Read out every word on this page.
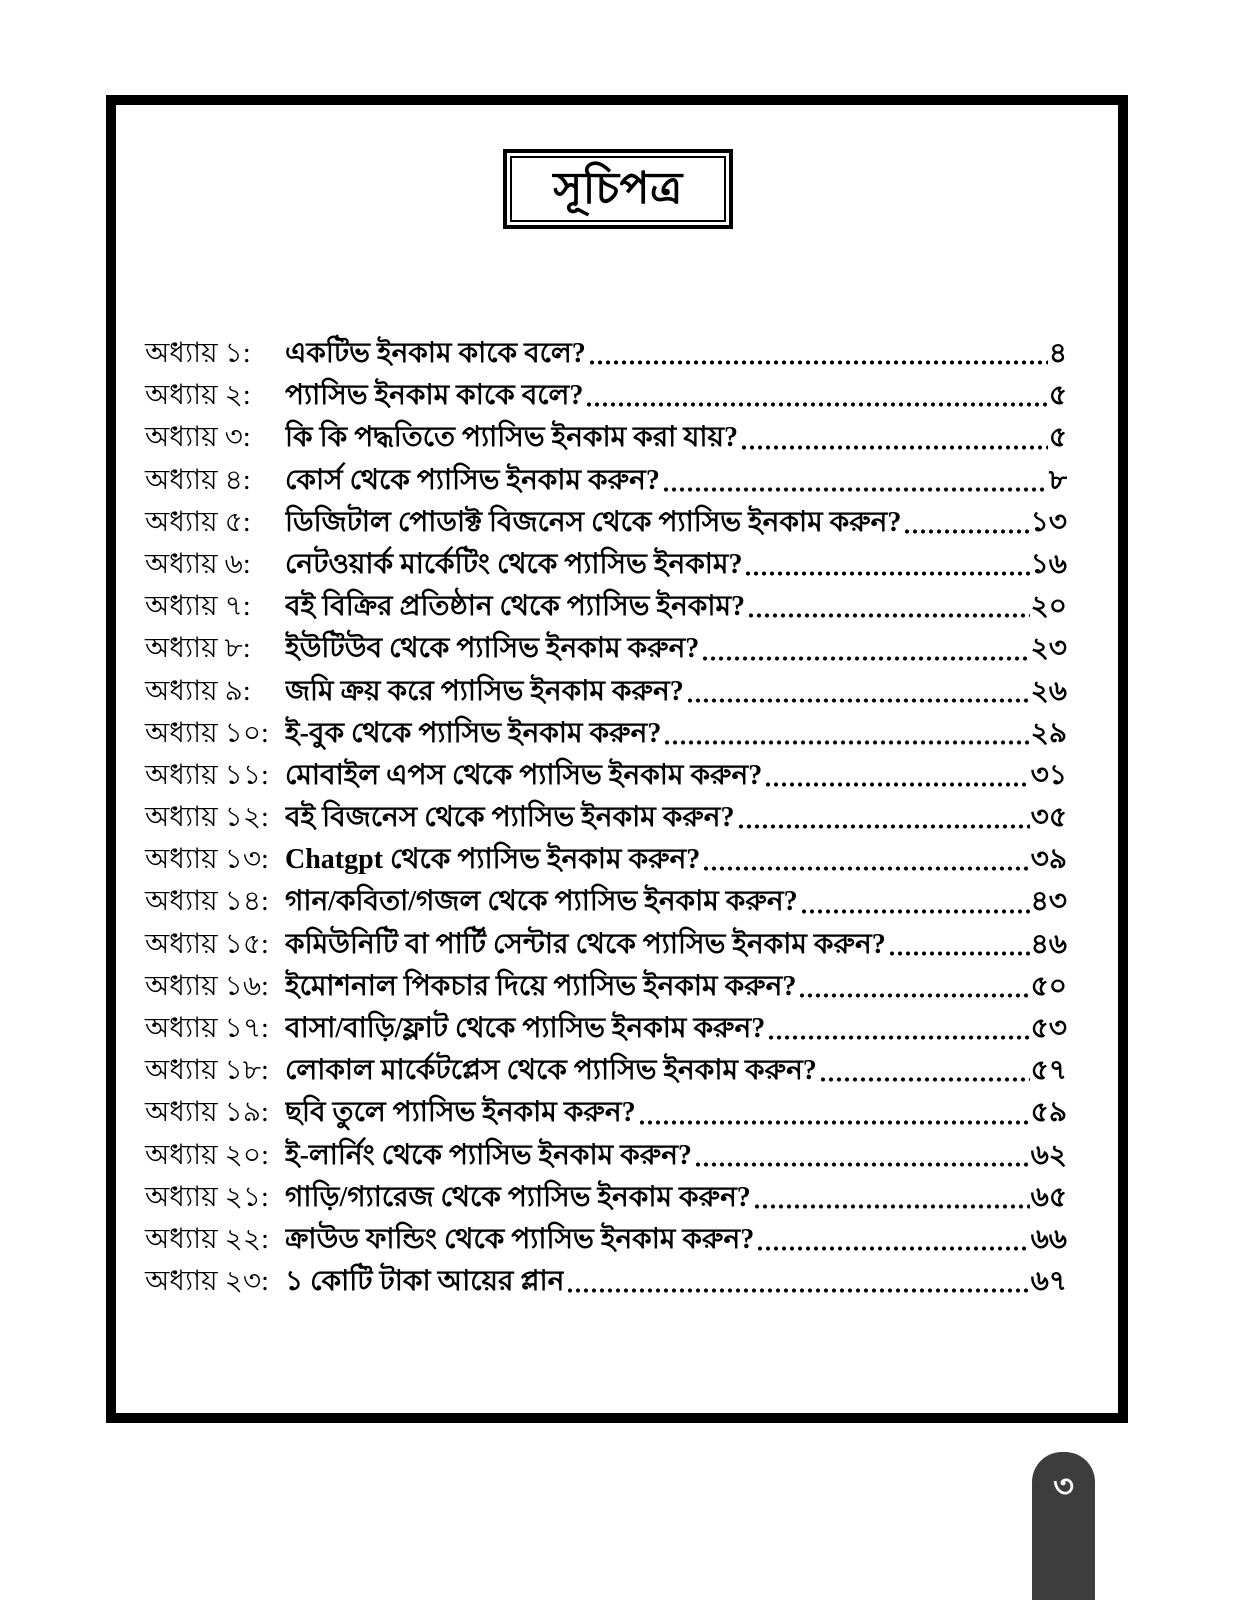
সূচিপত্র
অধ্যায় ১:	একটিভ ইনকাম কাকে বলে?	৪
অধ্যায় ২:	প্যাসিভ ইনকাম কাকে বলে?	৫
অধ্যায় ৩:	কি কি পদ্ধতিতে প্যাসিভ ইনকাম করা যায়?	৫
অধ্যায় ৪:	কোর্স থেকে প্যাসিভ ইনকাম করুন?	৮
অধ্যায় ৫:	ডিজিটাল পোডাক্ট বিজনেস থেকে প্যাসিভ ইনকাম করুন?	১৩
অধ্যায় ৬:	নেটওয়ার্ক মার্কেটিং থেকে প্যাসিভ ইনকাম?	১৬
অধ্যায় ৭:	বই বিক্রির প্রতিষ্ঠান থেকে প্যাসিভ ইনকাম?	২০
অধ্যায় ৮:	ইউটিউব থেকে প্যাসিভ ইনকাম করুন?	২৩
অধ্যায় ৯:	জমি ক্রয় করে প্যাসিভ ইনকাম করুন?	২৬
অধ্যায় ১০: ই-বুক থেকে প্যাসিভ ইনকাম করুন?	২৯
অধ্যায় ১১: মোবাইল এপস থেকে প্যাসিভ ইনকাম করুন?	৩১
অধ্যায় ১২: বই বিজনেস থেকে প্যাসিভ ইনকাম করুন?	৩৫
অধ্যায় ১৩: Chatgpt থেকে প্যাসিভ ইনকাম করুন?	৩৯
অধ্যায় ১৪: গান/কবিতা/গজল থেকে প্যাসিভ ইনকাম করুন?	৪৩
অধ্যায় ১৫: কমিউনিটি বা পার্টি সেন্টার থেকে প্যাসিভ ইনকাম করুন?	৪৬
অধ্যায় ১৬: ইমোশনাল পিকচার দিয়ে প্যাসিভ ইনকাম করুন?	৫০
অধ্যায় ১৭: বাসা/বাড়ি/ফ্লাট থেকে প্যাসিভ ইনকাম করুন?	৫৩
অধ্যায় ১৮: লোকাল মার্কেটপ্লেস থেকে প্যাসিভ ইনকাম করুন?	৫৭
অধ্যায় ১৯: ছবি তুলে প্যাসিভ ইনকাম করুন?	৫৯
অধ্যায় ২০: ই-লার্নিং থেকে প্যাসিভ ইনকাম করুন?	৬২
অধ্যায় ২১: গাড়ি/গ্যারেজ থেকে প্যাসিভ ইনকাম করুন?	৬৫
অধ্যায় ২২: ক্রাউড ফান্ডিং থেকে প্যাসিভ ইনকাম করুন?	৬৬
অধ্যায় ২৩: ১ কোটি টাকা আয়ের প্লান	৬৭
৩
